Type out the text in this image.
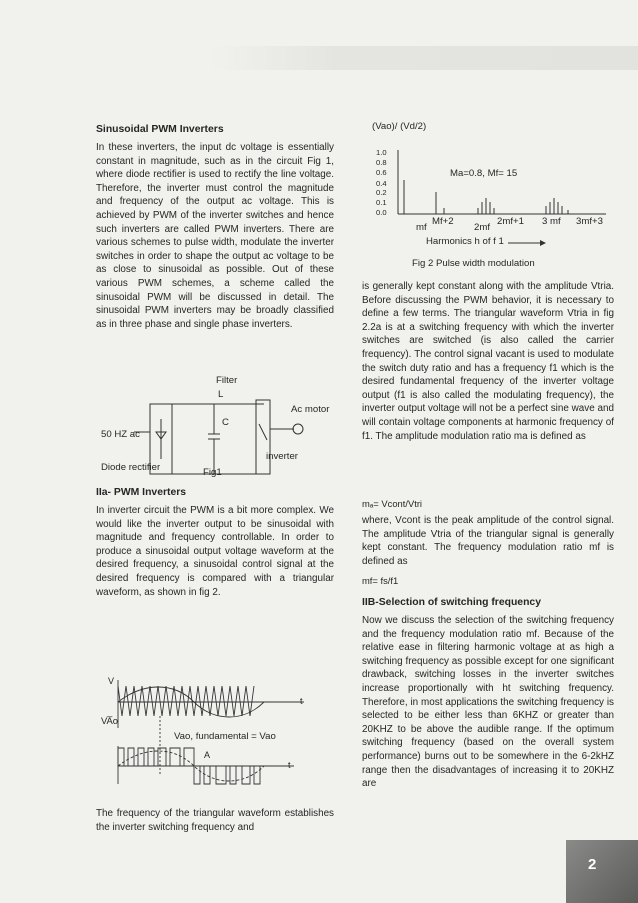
Sinusoidal PWM Inverters

In these inverters, the input dc voltage is essentially constant in magnitude, such as in the circuit Fig 1, where diode rectifier is used to rectify the line voltage. Therefore, the inverter must control the magnitude and frequency of the output ac voltage. This is achieved by PWM of the inverter switches and hence such inverters are called PWM inverters. There are various schemes to pulse width, modulate the inverter switches in order to shape the output ac voltage to be as close to sinusoidal as possible. Out of these various PWM schemes, a scheme called the sinusoidal PWM will be discussed in detail. The sinusoidal PWM inverters may be broadly classified as in three phase and single phase inverters.

Filter
L
C
Ac motor
50 HZ ac
inverter
Diode rectifier	Fig1
IIa- PWM Inverters

In inverter circuit the PWM is a bit more complex. We would like the inverter output to be sinusoidal with magnitude and frequency controllable. In order to produce a sinusoidal output voltage waveform at the desired frequency, a sinusoidal control signal at the desired frequency is compared with a triangular waveform, as shown in fig 2.

V
t
VA̅o
Vao, fundamental = Vao
A
t

The frequency of the triangular waveform establishes the inverter switching frequency and

(Vao)/ (Vd/2)
1.0
0.8
0.6
0.4
0.2
0.1
0.0
Ma=0.8, Mf= 15
mf
Mf+2
2mf
2mf+1 3 mf 3mf+3
Harmonics h of f 1
Fig 2 Pulse width modulation

is generally kept constant along with the amplitude Vtria. Before discussing the PWM behavior, it is necessary to define a few terms. The triangular waveform Vtria in fig 2.2a is at a switching frequency with which the inverter switches are switched (is also called the carrier frequency). The control signal vacant is used to modulate the switch duty ratio and has a frequency f1 which is the desired fundamental frequency of the inverter voltage output (f1 is also called the modulating frequency), the inverter output voltage will not be a perfect sine wave and will contain voltage components at harmonic frequency of f1. The amplitude modulation ratio ma is defined as

mₐ= Vcont/Vtri

where, Vcont is the peak amplitude of the control signal. The amplitude Vtria of the triangular signal is generally kept constant. The frequency modulation ratio mf is defined as

mf= fs/f1
IIB-Selection of switching frequency

Now we discuss the selection of the switching frequency and the frequency modulation ratio mf. Because of the relative ease in filtering harmonic voltage at as high a switching frequency as possible except for one significant drawback, switching losses in the inverter switches increase proportionally with ht switching frequency. Therefore, in most applications the switching frequency is selected to be either less than 6KHZ or greater than 20KHZ to be above the audible range. If the optimum switching frequency (based on the overall system performance) burns out to be somewhere in the 6-2kHZ range then the disadvantages of increasing it to 20KHZ are

2
